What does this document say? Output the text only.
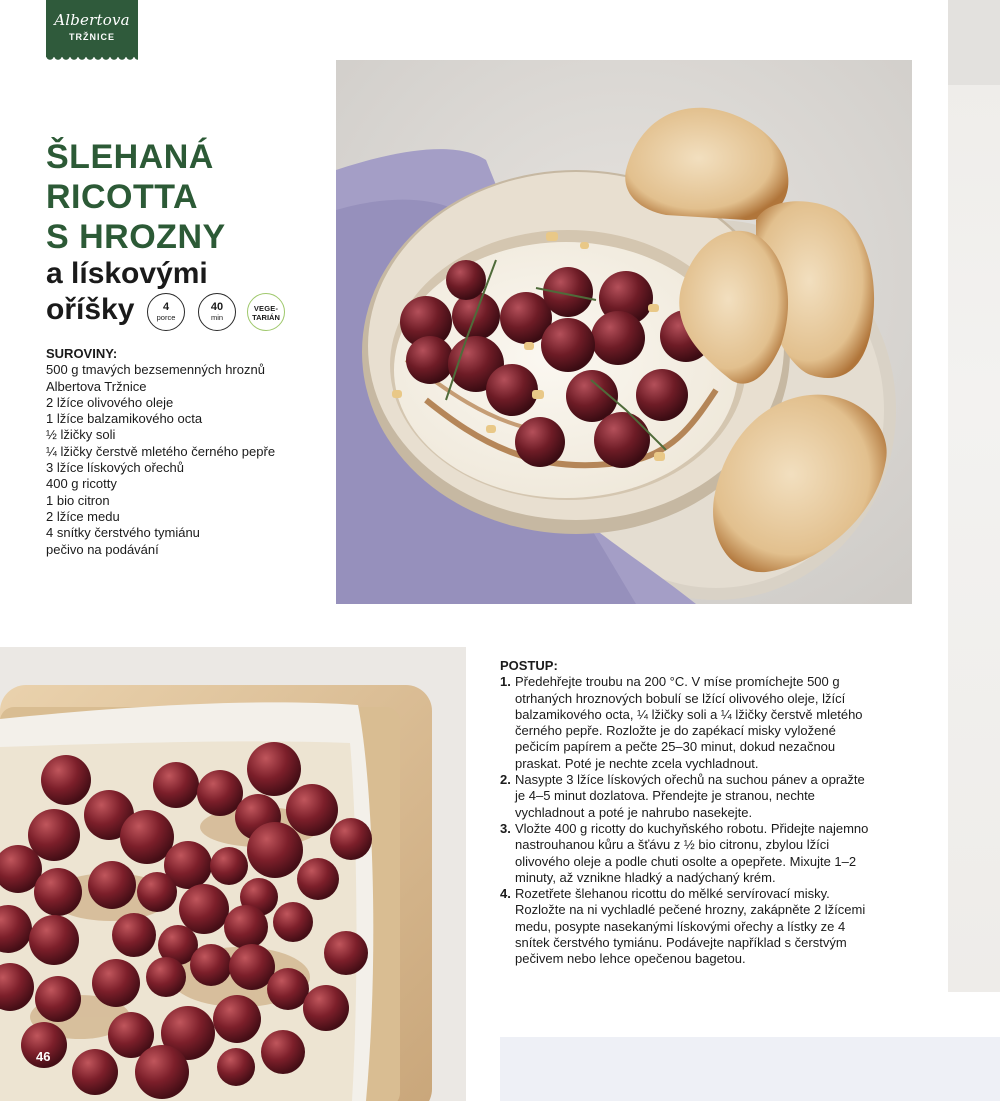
Albertova
TRŽNICE
ŠLEHANÁ
RICOTTA
S HROZNY
a lískovými
oříšky	4
porce
40
min
VEGE-
TARIÁN
SUROVINY:
500 g tmavých bezsemenných hroznů
Albertova Tržnice
2 lžíce olivového oleje
1 lžíce balzamikového octa
½ lžičky soli
¼ lžičky čerstvě mletého černého pepře
3 lžíce lískových ořechů
400 g ricotty
1 bio citron
2 lžíce medu
4 snítky čerstvého tymiánu
pečivo na podávání
POSTUP:
1. Předehřejte troubu na 200 °C. V míse promíchejte 500 g otrhaných hroznových bobulí se lžící olivového oleje, lžící balzamikového octa, ¼ lžičky soli a ¼ lžičky čerstvě mletého černého pepře. Rozložte je do zapékací misky vyložené pečicím papírem a pečte 25–30 minut, dokud nezačnou praskat. Poté je nechte zcela vychladnout.
2. Nasypte 3 lžíce lískových ořechů na suchou pánev a opražte je 4–5 minut dozlatova. Přendejte je stranou, nechte vychladnout a poté je nahrubo nasekejte.
3. Vložte 400 g ricotty do kuchyňského robotu. Přidejte najemno nastrouhanou kůru a šťávu z ½ bio citronu, zbylou lžíci olivového oleje a podle chuti osolte a opepřete. Mixujte 1–2 minuty, až vznikne hladký a nadýchaný krém.
4. Rozetřete šlehanou ricottu do mělké servírovací misky. Rozložte na ni vychladlé pečené hrozny, zakápněte 2 lžícemi medu, posypte nasekanými lískovými ořechy a lístky ze 4 snítek čerstvého tymiánu. Podávejte například s čerstvým pečivem nebo lehce opečenou bagetou.
46
